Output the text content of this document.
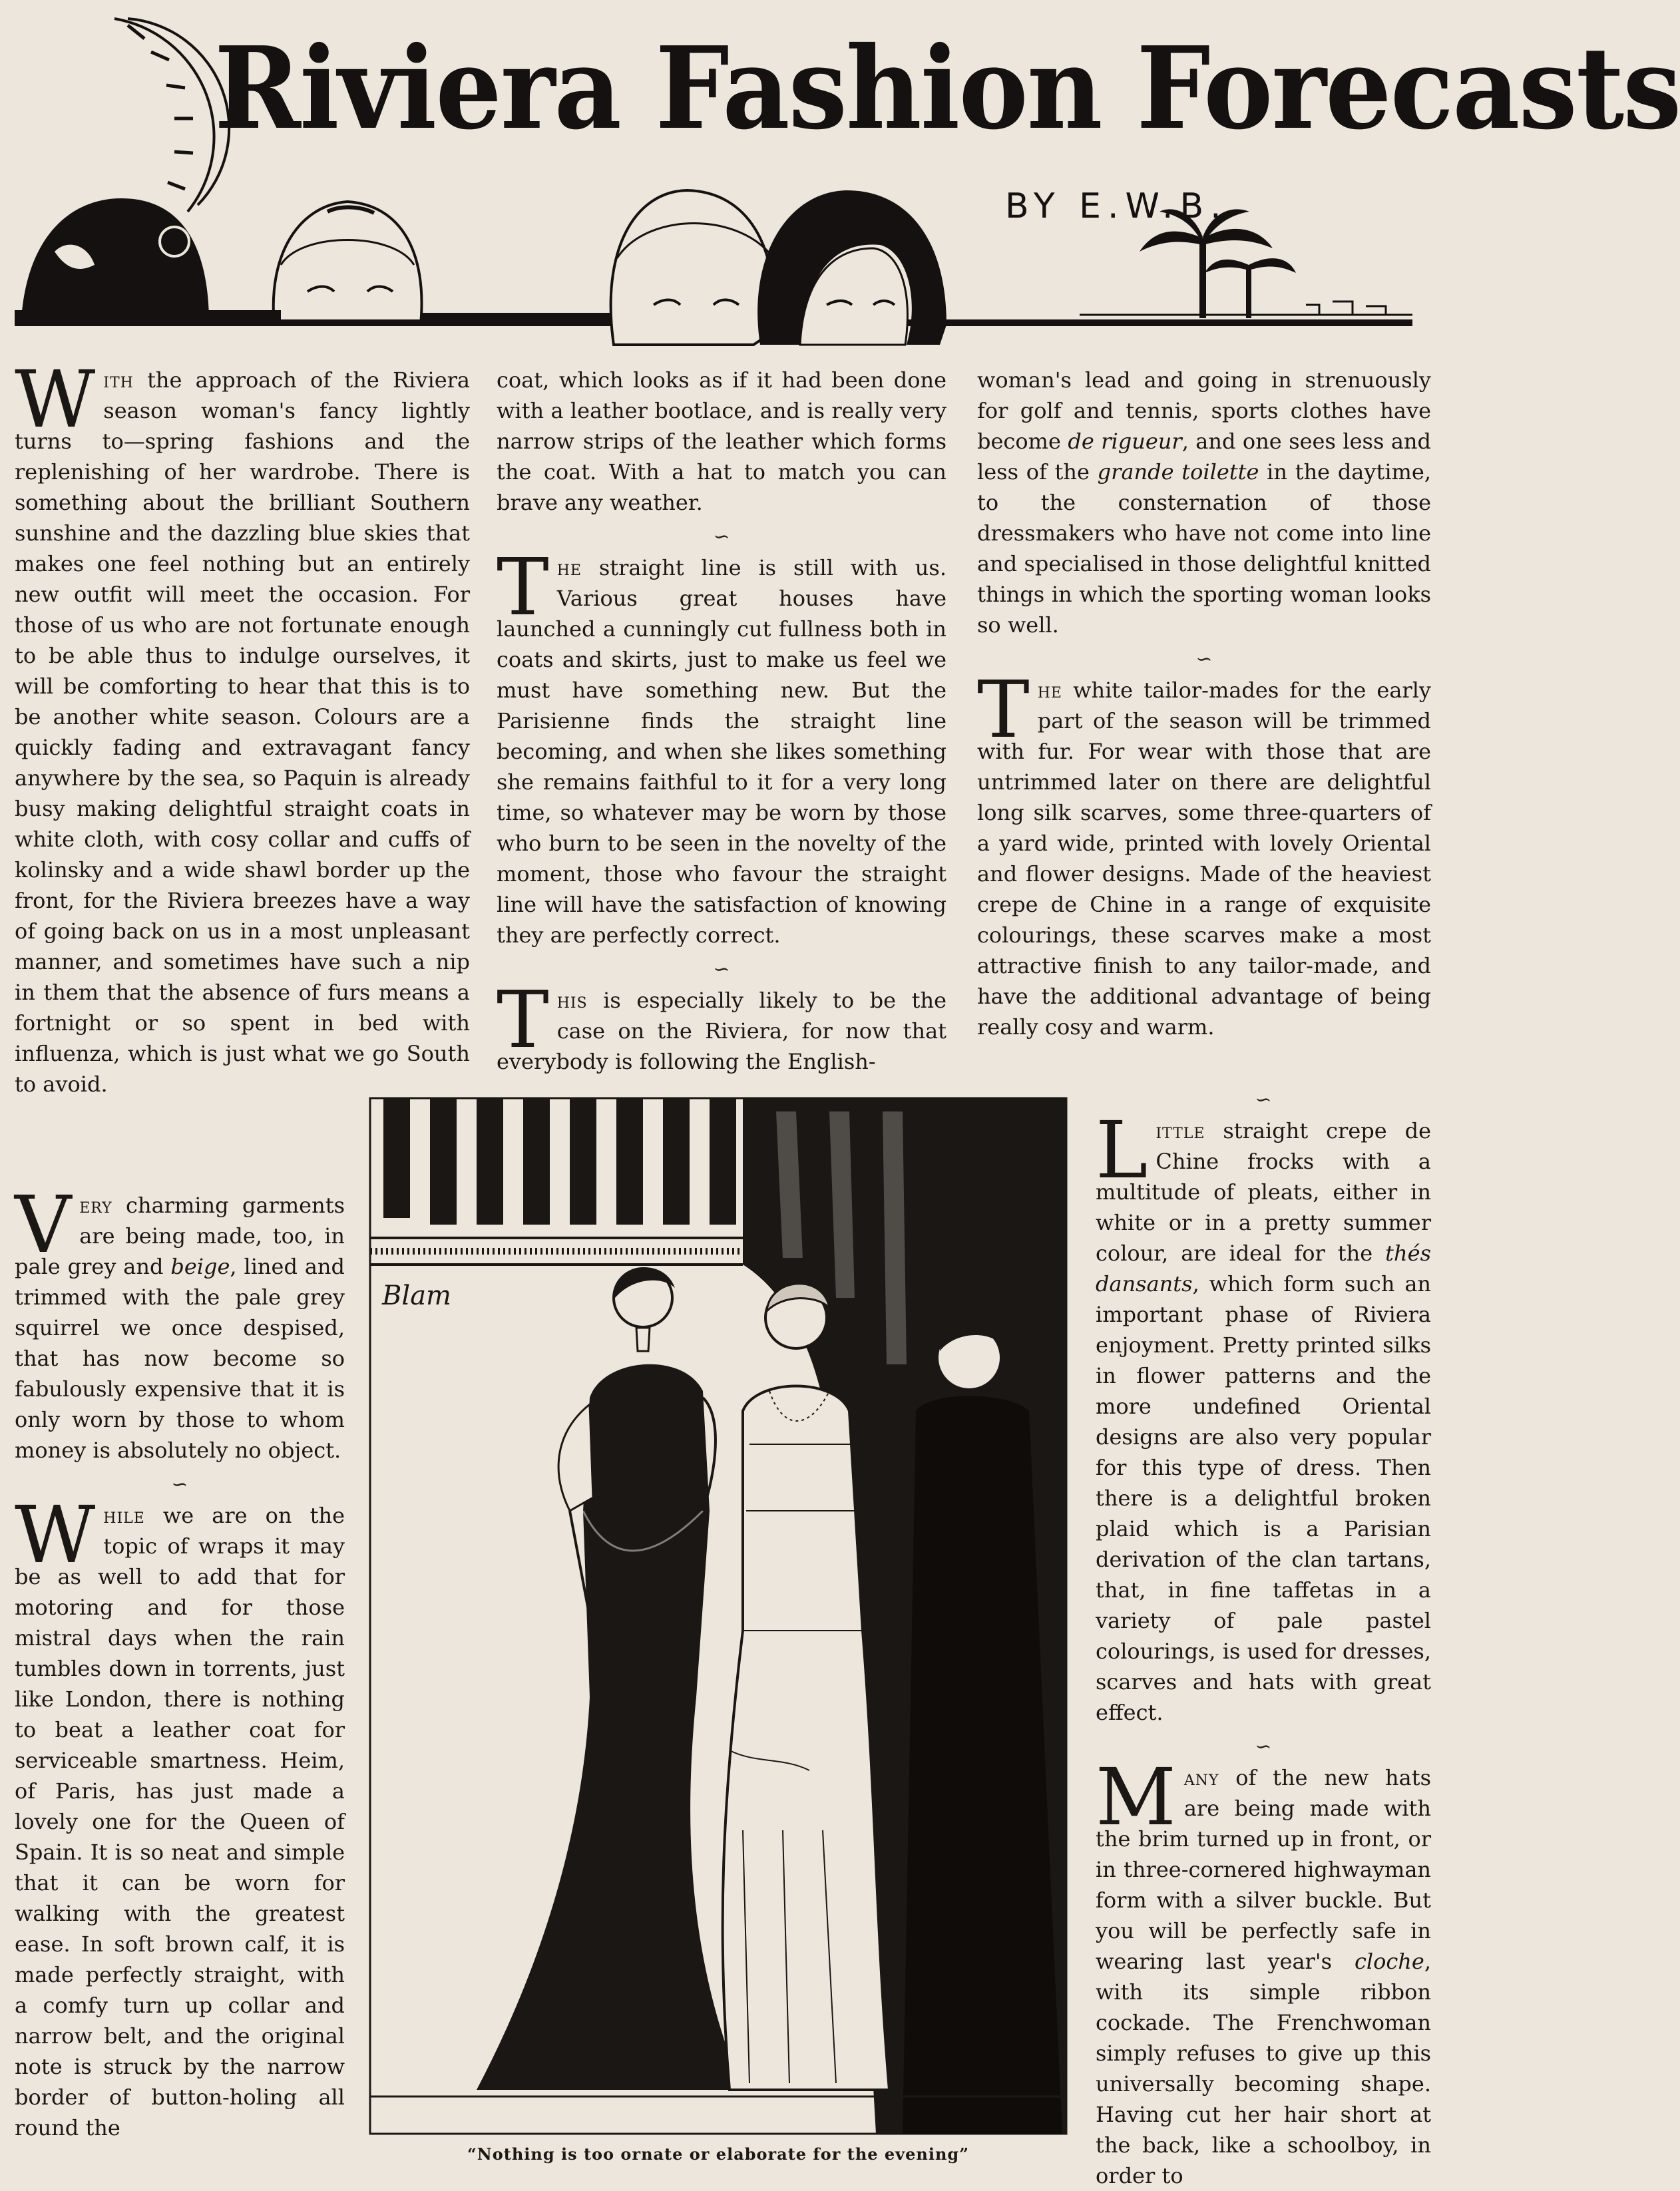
Riviera Fashion Forecasts
BY E.W.B.

With the approach of the Riviera season woman's fancy lightly turns to—spring fashions and the replenishing of her wardrobe. There is something about the brilliant Southern sunshine and the dazzling blue skies that makes one feel nothing but an entirely new outfit will meet the occasion. For those of us who are not fortunate enough to be able thus to indulge ourselves, it will be comforting to hear that this is to be another white season. Colours are a quickly fading and extravagant fancy anywhere by the sea, so Paquin is already busy making delightful straight coats in white cloth, with cosy collar and cuffs of kolinsky and a wide shawl border up the front, for the Riviera breezes have a way of going back on us in a most unpleasant manner, and sometimes have such a nip in them that the absence of furs means a fortnight or so spent in bed with influenza, which is just what we go South to avoid.

Very charming garments are being made, too, in pale grey and beige, lined and trimmed with the pale grey squirrel we once despised, that has now become so fabulously expensive that it is only worn by those to whom money is absolutely no object.

∽

While we are on the topic of wraps it may be as well to add that for motoring and for those mistral days when the rain tumbles down in torrents, just like London, there is nothing to beat a leather coat for serviceable smartness. Heim, of Paris, has just made a lovely one for the Queen of Spain. It is so neat and simple that it can be worn for walking with the greatest ease. In soft brown calf, it is made perfectly straight, with a comfy turn up collar and narrow belt, and the original note is struck by the narrow border of button-holing all round the

coat, which looks as if it had been done with a leather bootlace, and is really very narrow strips of the leather which forms the coat. With a hat to match you can brave any weather.

∽

The straight line is still with us. Various great houses have launched a cunningly cut fullness both in coats and skirts, just to make us feel we must have something new. But the Parisienne finds the straight line becoming, and when she likes something she remains faithful to it for a very long time, so whatever may be worn by those who burn to be seen in the novelty of the moment, those who favour the straight line will have the satisfaction of knowing they are perfectly correct.

∽

This is especially likely to be the case on the Riviera, for now that everybody is following the English-

woman's lead and going in strenuously for golf and tennis, sports clothes have become de rigueur, and one sees less and less of the grande toilette in the daytime, to the consternation of those dressmakers who have not come into line and specialised in those delightful knitted things in which the sporting woman looks so well.

∽

The white tailor-mades for the early part of the season will be trimmed with fur. For wear with those that are untrimmed later on there are delightful long silk scarves, some three-quarters of a yard wide, printed with lovely Oriental and flower designs. Made of the heaviest crepe de Chine in a range of exquisite colourings, these scarves make a most attractive finish to any tailor-made, and have the additional advantage of being really cosy and warm.

∽

Little straight crepe de Chine frocks with a multitude of pleats, either in white or in a pretty summer colour, are ideal for the thés dansants, which form such an important phase of Riviera enjoyment. Pretty printed silks in flower patterns and the more undefined Oriental designs are also very popular for this type of dress. Then there is a delightful broken plaid which is a Parisian derivation of the clan tartans, that, in fine taffetas in a variety of pale pastel colourings, is used for dresses, scarves and hats with great effect.

∽

Many of the new hats are being made with the brim turned up in front, or in three-cornered highwayman form with a silver buckle. But you will be perfectly safe in wearing last year's cloche, with its simple ribbon cockade. The Frenchwoman simply refuses to give up this universally becoming shape. Having cut her hair short at the back, like a schoolboy, in order to

Blam
“Nothing is too ornate or elaborate for the evening”
